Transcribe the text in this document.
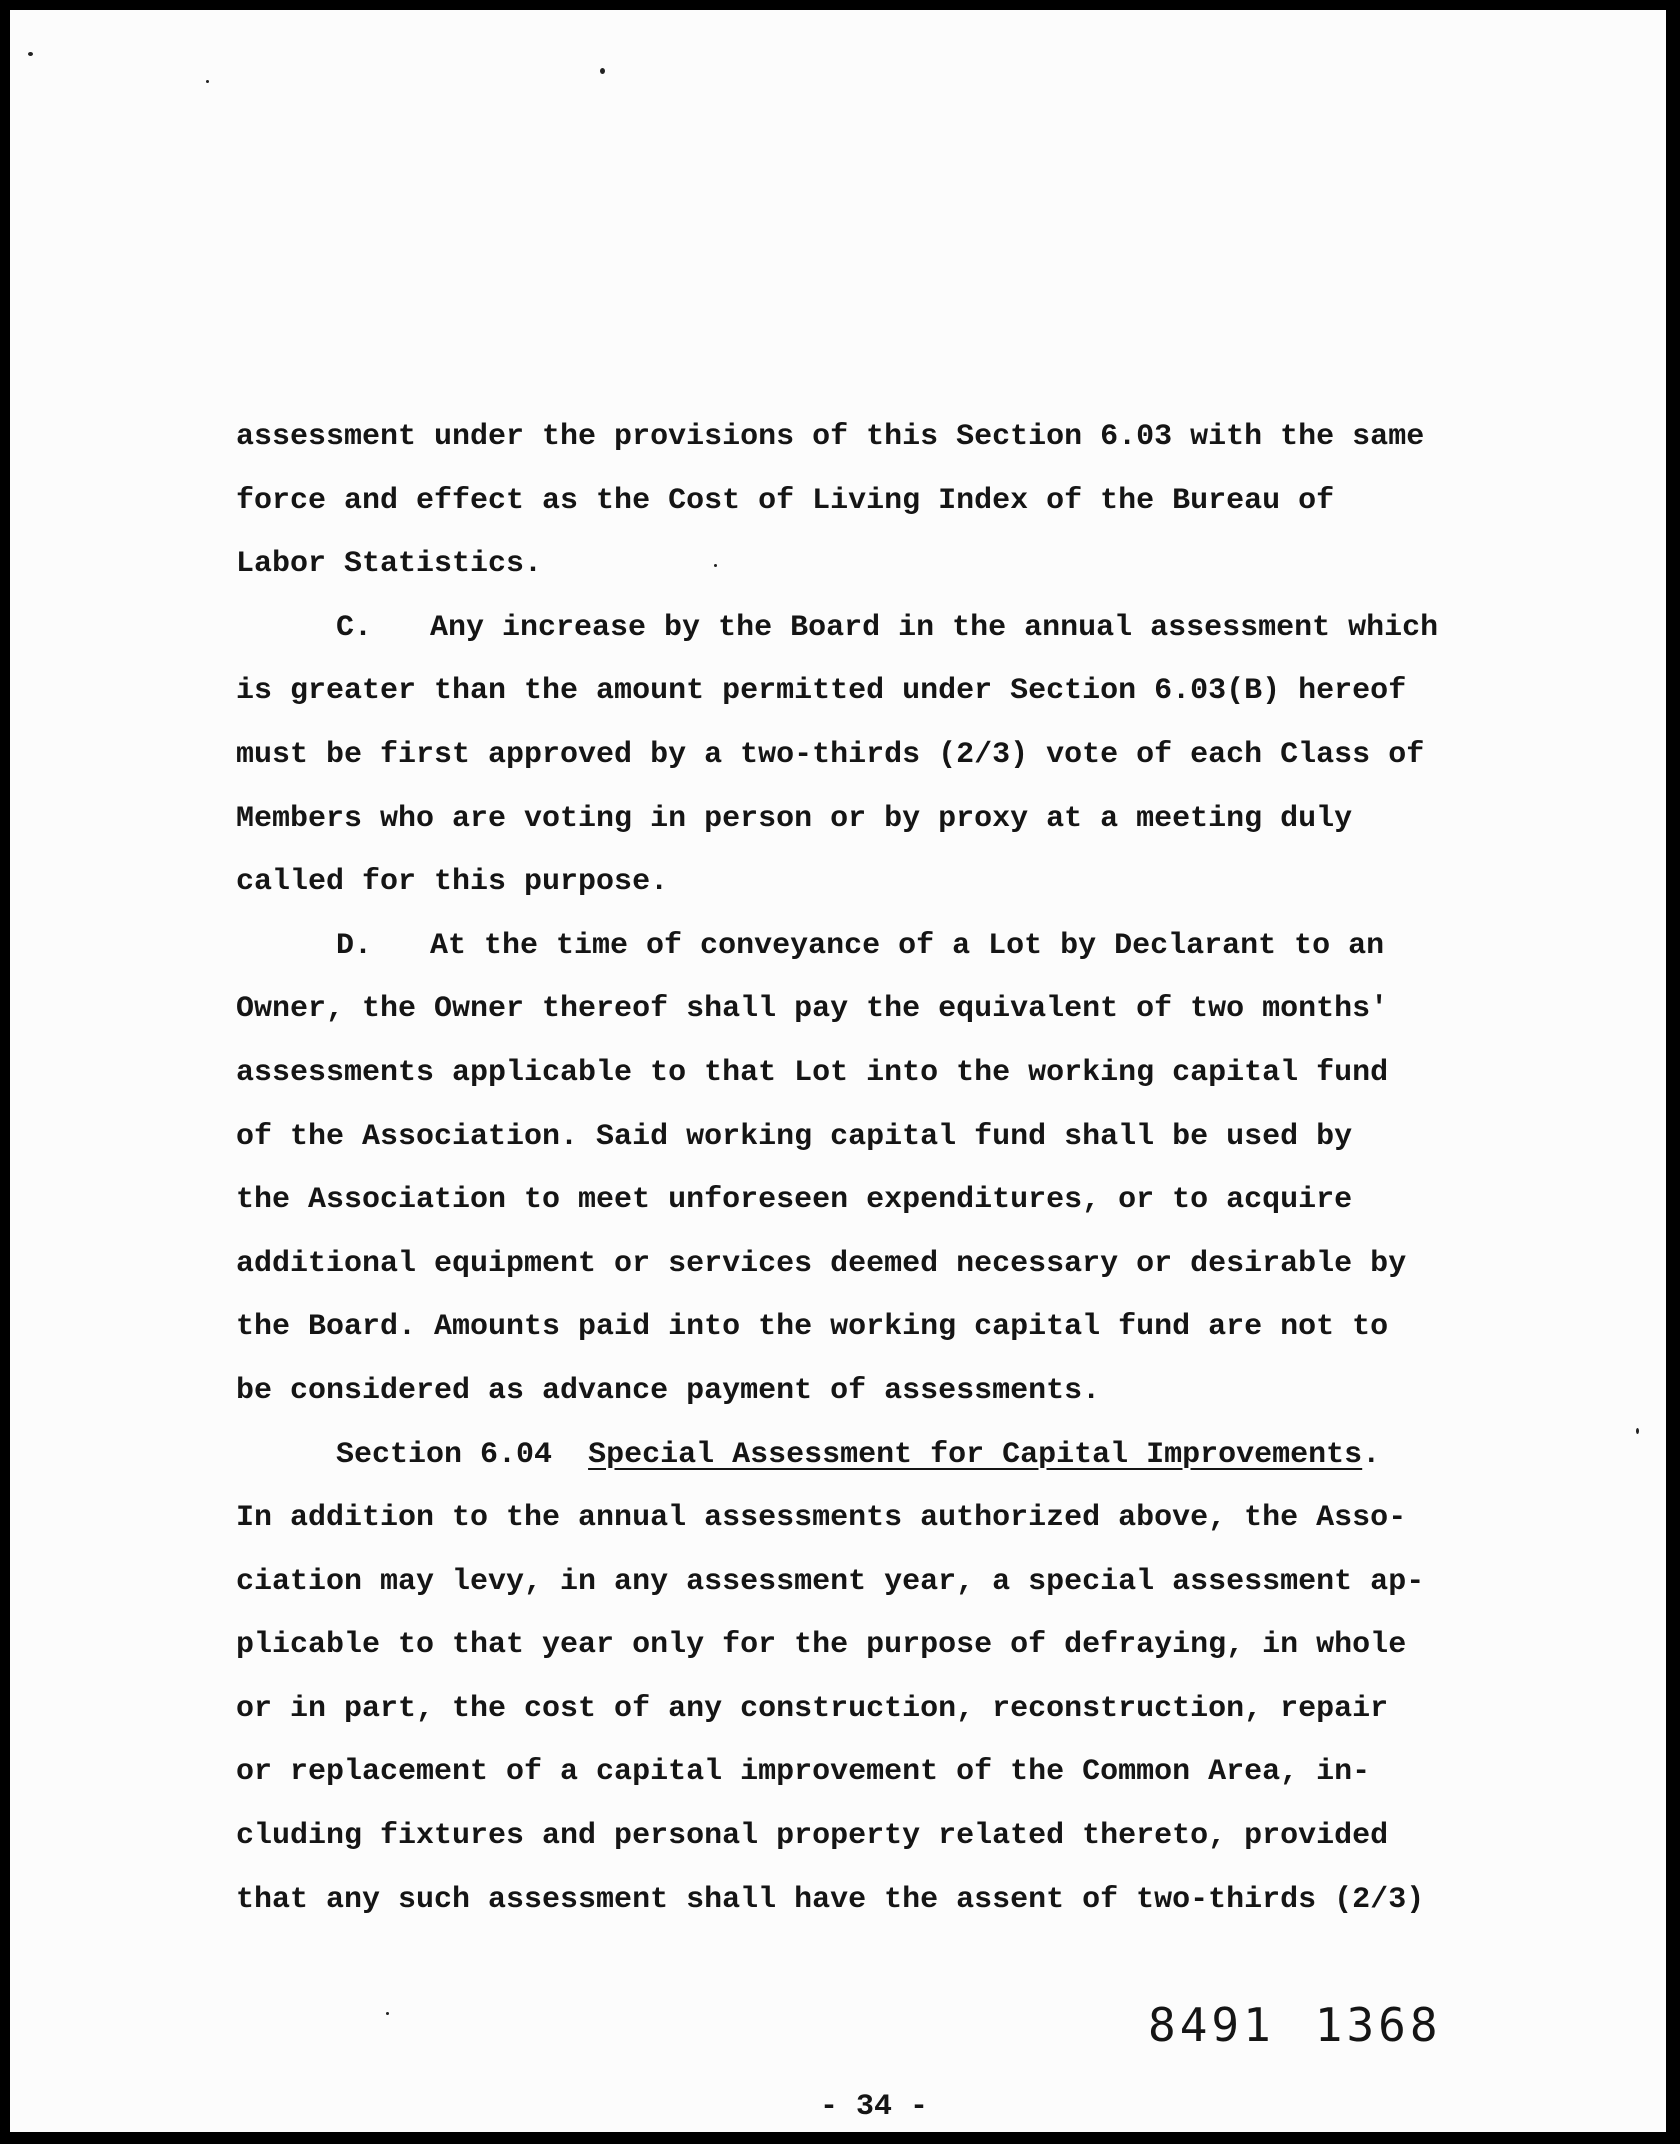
assessment under the provisions of this Section 6.03 with the same
force and effect as the Cost of Living Index of the Bureau of
Labor Statistics.
C. Any increase by the Board in the annual assessment which
is greater than the amount permitted under Section 6.03(B) hereof
must be first approved by a two-thirds (2/3) vote of each Class of
Members who are voting in person or by proxy at a meeting duly
called for this purpose.
D. At the time of conveyance of a Lot by Declarant to an
Owner, the Owner thereof shall pay the equivalent of two months'
assessments applicable to that Lot into the working capital fund
of the Association. Said working capital fund shall be used by
the Association to meet unforeseen expenditures, or to acquire
additional equipment or services deemed necessary or desirable by
the Board. Amounts paid into the working capital fund are not to
be considered as advance payment of assessments.
Section 6.04 Special Assessment for Capital Improvements.
In addition to the annual assessments authorized above, the Asso-
ciation may levy, in any assessment year, a special assessment ap-
plicable to that year only for the purpose of defraying, in whole
or in part, the cost of any construction, reconstruction, repair
or replacement of a capital improvement of the Common Area, in-
cluding fixtures and personal property related thereto, provided
that any such assessment shall have the assent of two-thirds (2/3)
8491 1368
- 34 -
